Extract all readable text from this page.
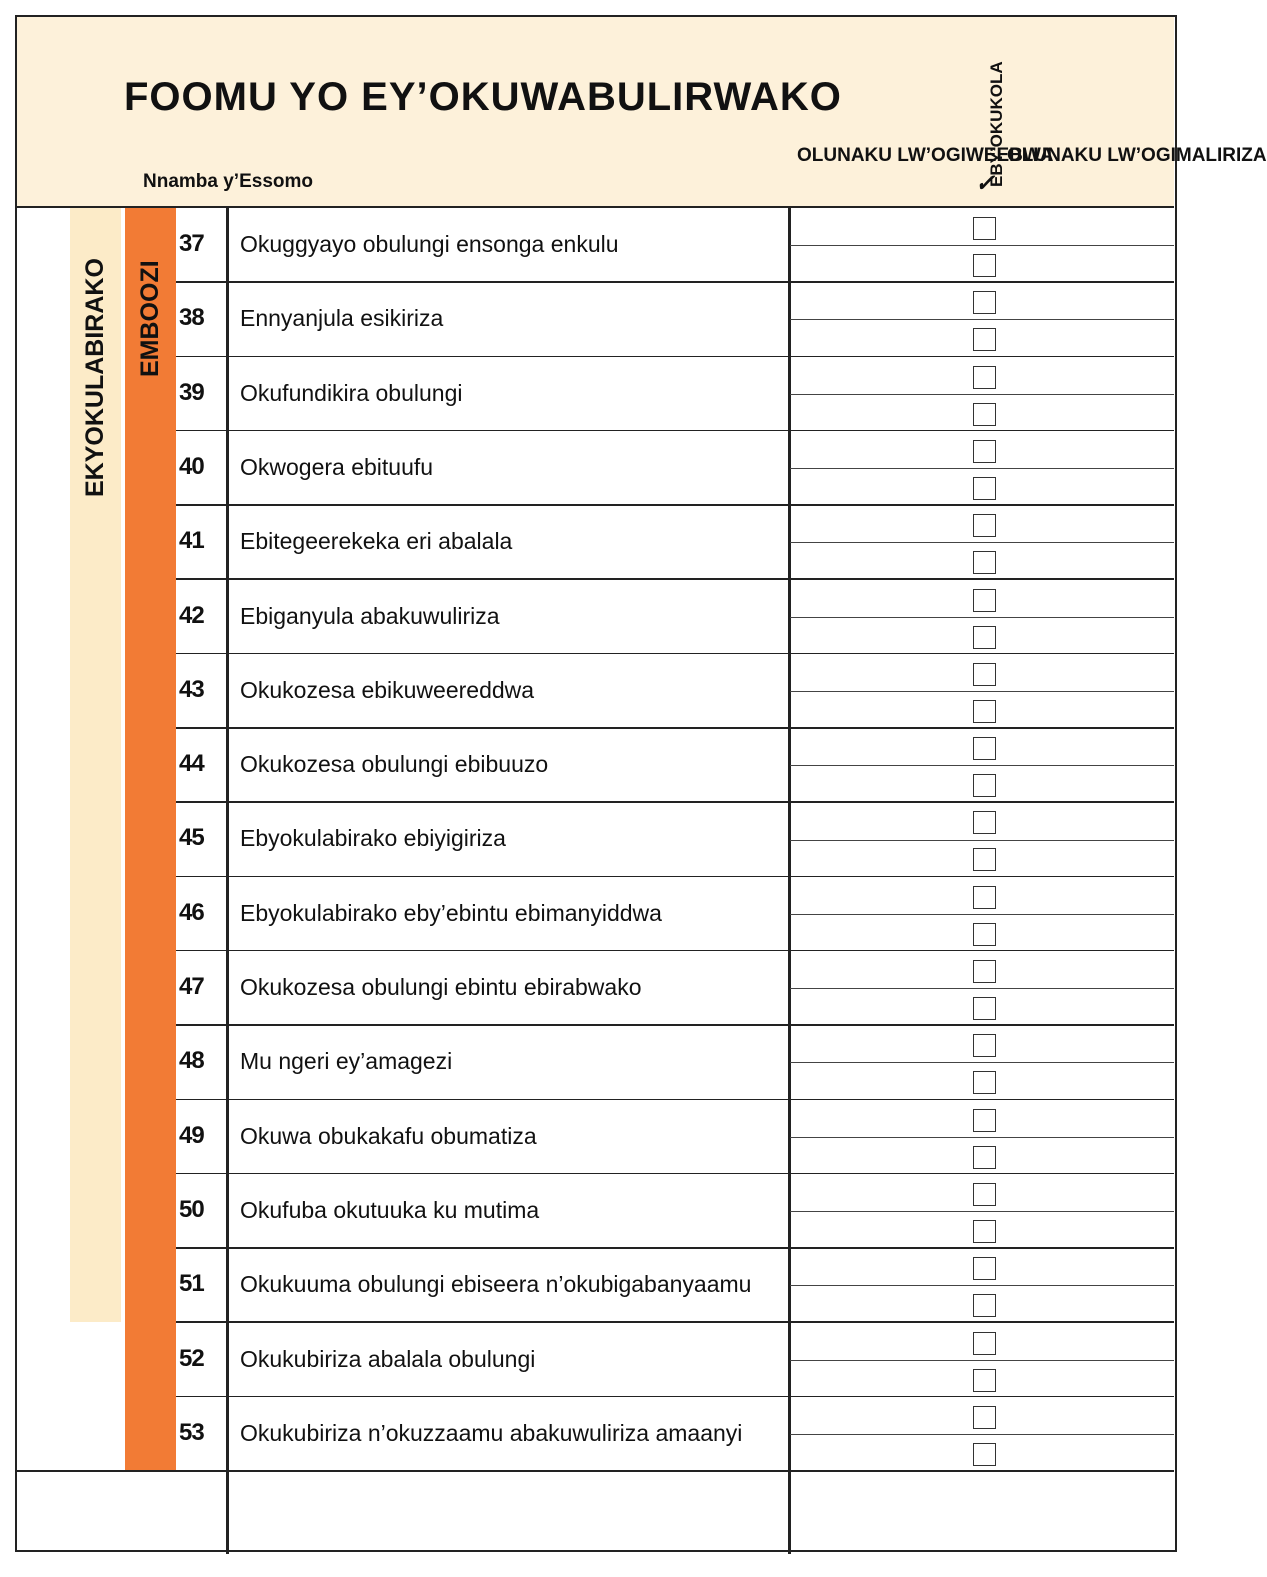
FOOMU YO EY’OKUWABULIRWAKO
Nnamba y’Essomo
OLUNAKU LW’OGIWEEBWA
EBY’OKUKOLA
✓
OLUNAKU LW’OGIMALIRIZA
EKYOKULABIRAKO	EMBOOZI
37 Okuggyayo obulungi ensonga enkulu
38 Ennyanjula esikiriza
39 Okufundikira obulungi
40 Okwogera ebituufu
41 Ebitegeerekeka eri abalala
42 Ebiganyula abakuwuliriza
43 Okukozesa ebikuweereddwa
44 Okukozesa obulungi ebibuuzo
45 Ebyokulabirako ebiyigiriza
46 Ebyokulabirako eby’ebintu ebimanyiddwa
47 Okukozesa obulungi ebintu ebirabwako
48 Mu ngeri ey’amagezi
49 Okuwa obukakafu obumatiza
50 Okufuba okutuuka ku mutima
51 Okukuuma obulungi ebiseera n’okubigabanyaamu
52 Okukubiriza abalala obulungi
53 Okukubiriza n’okuzzaamu abakuwuliriza amaanyi
